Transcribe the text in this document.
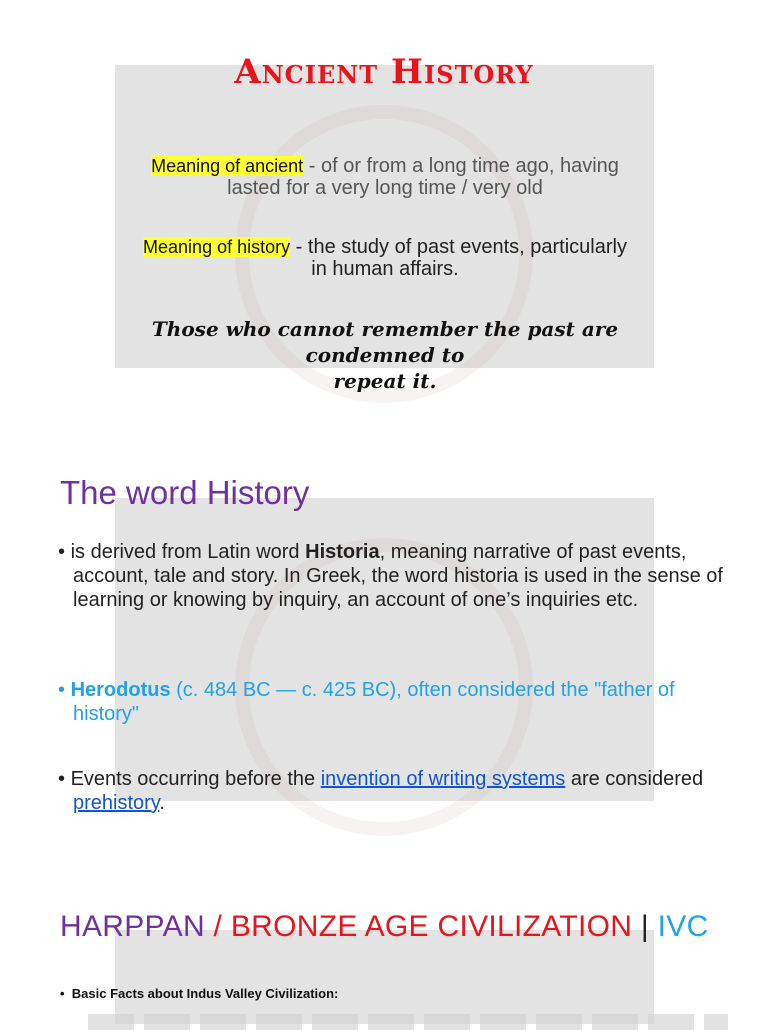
Ancient History
Meaning of ancient - of or from a long time ago, having
lasted for a very long time / very old
Meaning of history - the study of past events, particularly
in human affairs.
Those who cannot remember the past are condemned to
repeat it.
The word History
• is derived from Latin word Historia, meaning narrative of past events, account, tale and story. In Greek, the word historia is used in the sense of learning or knowing by inquiry, an account of one’s inquiries etc.
• Herodotus (c. 484 BC — c. 425 BC), often considered the "father of history"
• Events occurring before the invention of writing systems are considered prehistory.
HARPPAN / BRONZE AGE CIVILIZATION | IVC
• Basic Facts about Indus Valley Civilization:
